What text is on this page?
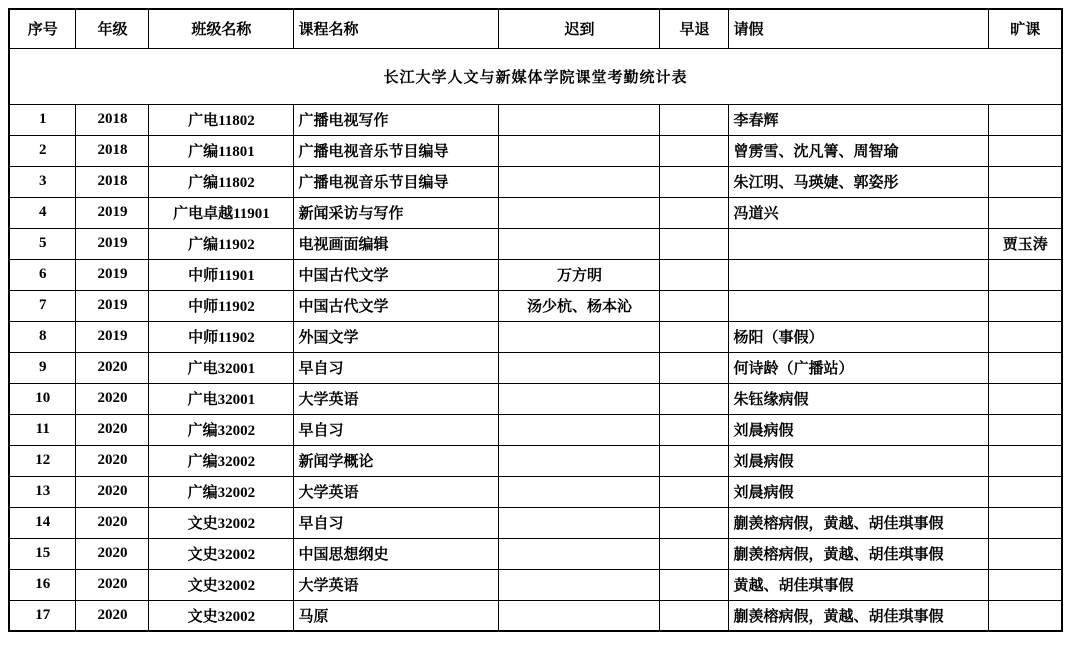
长江大学人文与新媒体学院课堂考勤统计表							
序号	年级	班级名称	课程名称	迟到	早退	请假	旷课
1	2018	广电11802	广播电视写作			李春辉	
2	2018	广编11801	广播电视音乐节目编导			曾雳雪、沈凡箐、周智瑜	
3	2018	广编11802	广播电视音乐节目编导			朱江明、马瑛婕、郭姿彤	
4	2019	广电卓越11901	新闻采访与写作			冯道兴	
5	2019	广编11902	电视画面编辑				贾玉涛
6	2019	中师11901	中国古代文学	万方明			
7	2019	中师11902	中国古代文学	汤少杭、杨本沁			
8	2019	中师11902	外国文学			杨阳（事假）	
9	2020	广电32001	早自习			何诗龄（广播站）	
10	2020	广电32001	大学英语			朱钰缘病假	
11	2020	广编32002	早自习			刘晨病假	
12	2020	广编32002	新闻学概论			刘晨病假	
13	2020	广编32002	大学英语			刘晨病假	
14	2020	文史32002	早自习			蒯羡榕病假，黄越、胡佳琪事假	
15	2020	文史32002	中国思想纲史			蒯羡榕病假，黄越、胡佳琪事假	
16	2020	文史32002	大学英语			黄越、胡佳琪事假	
17	2020	文史32002	马原			蒯羡榕病假，黄越、胡佳琪事假	
